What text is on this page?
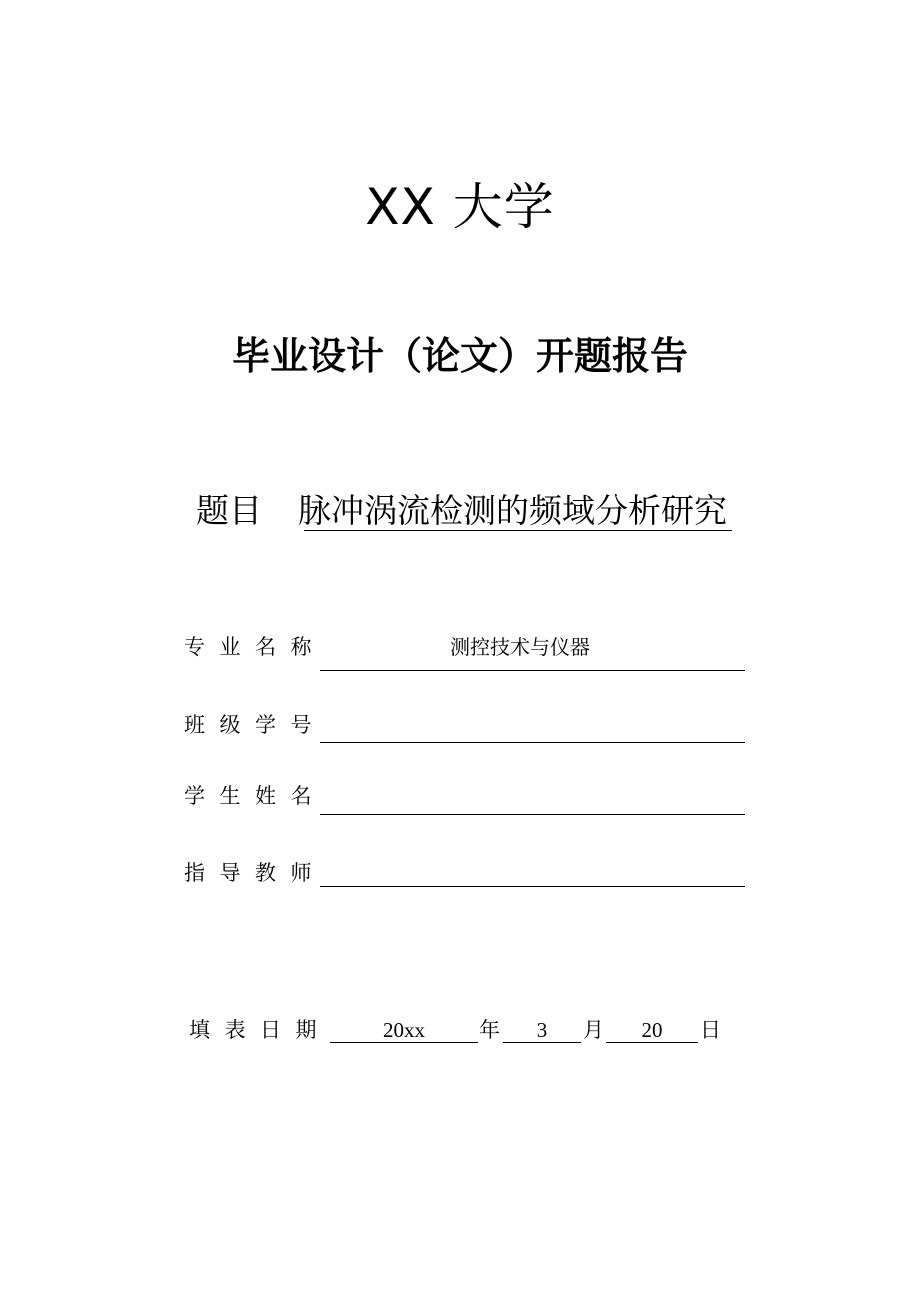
XX 大学
毕业设计（论文）开题报告
题目 脉冲涡流检测的频域分析研究
专业名称	测控技术与仪器
班级学号
学生姓名
指导教师
填表日期	20xx	年	3	月	20	日
